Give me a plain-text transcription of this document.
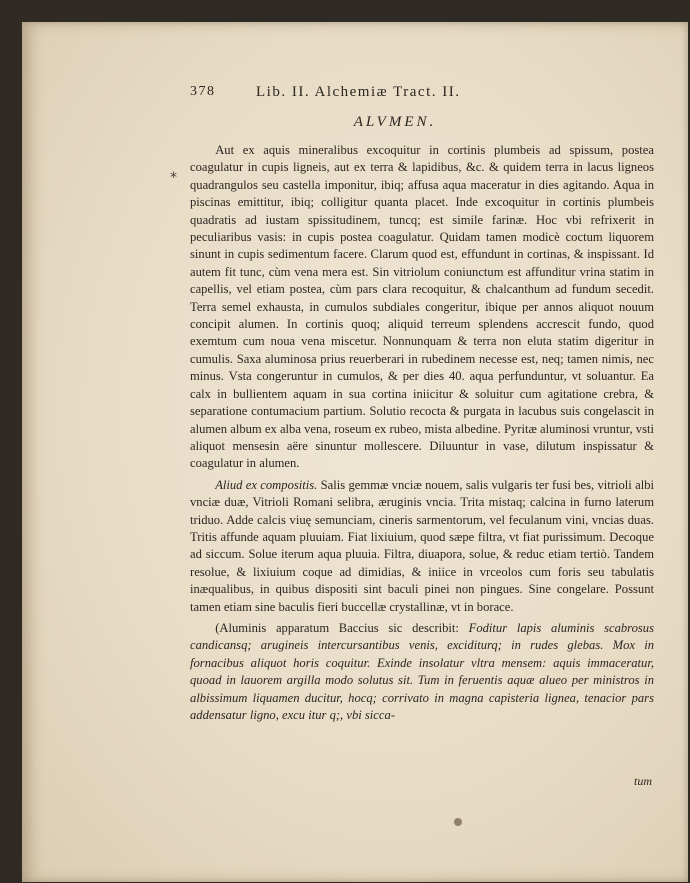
378	Lib. II. Alchemiæ Tract. II.
ALVMEN.
*

Aut ex aquis mineralibus excoquitur in cortinis plumbeis ad spissum, postea coagulatur in cupis ligneis, aut ex terra & lapidibus, &c. & quidem terra in lacus ligneos quadrangulos seu castella imponitur, ibiq; affusa aqua maceratur in dies agitando. Aqua in piscinas emittitur, ibiq; colligitur quanta placet. Inde excoquitur in cortinis plumbeis quadratis ad iustam spissitudinem, tuncq; est simile farinæ. Hoc vbi refrixerit in peculiaribus vasis: in cupis postea coagulatur. Quidam tamen modicè coctum liquorem sinunt in cupis sedimentum facere. Clarum quod est, effundunt in cortinas, & inspissant. Id autem fit tunc, cùm vena mera est. Sin vitriolum coniunctum est affunditur vrina statim in capellis, vel etiam postea, cùm pars clara recoquitur, & chalcanthum ad fundum secedit. Terra semel exhausta, in cumulos subdiales congeritur, ibique per annos aliquot nouum concipit alumen. In cortinis quoq; aliquid terreum splendens accrescit fundo, quod exemtum cum noua vena miscetur. Nonnunquam & terra non eluta statim digeritur in cumulis. Saxa aluminosa prius reuerberari in rubedinem necesse est, neq; tamen nimis, nec minus. Vsta congeruntur in cumulos, & per dies 40. aqua perfunduntur, vt soluantur. Ea calx in bullientem aquam in sua cortina iniicitur & soluitur cum agitatione crebra, & separatione contumacium partium. Solutio recocta & purgata in lacubus suis congelascit in alumen album ex alba vena, roseum ex rubeo, mista albedine. Pyritæ aluminosi vruntur, vsti aliquot mensesin aëre sinuntur mollescere. Diluuntur in vase, dilutum inspissatur & coagulatur in alumen.

Aliud ex compositis. Salis gemmæ vnciæ nouem, salis vulgaris ter fusi bes, vitrioli albi vnciæ duæ, Vitrioli Romani selibra, æruginis vncia. Trita mistaq; calcina in furno laterum triduo. Adde calcis viuę semunciam, cineris sarmentorum, vel feculanum vini, vncias duas. Tritis affunde aquam pluuiam. Fiat lixiuium, quod sæpe filtra, vt fiat purissimum. Decoque ad siccum. Solue iterum aqua pluuia. Filtra, diuapora, solue, & reduc etiam tertiò. Tandem resolue, & lixiuium coque ad dimidias, & iniice in vrceolos cum foris seu tabulatis inæqualibus, in quibus dispositi sint baculi pinei non pingues. Sine congelare. Possunt tamen etiam sine baculis fieri buccellæ crystallinæ, vt in borace.

(Aluminis apparatum Baccius sic describit: Foditur lapis aluminis scabrosus candicansq; arugineis intercursantibus venis, exciditurq; in rudes glebas. Mox in fornacibus aliquot horis coquitur. Exinde insolatur vltra mensem: aquis immaceratur, quoad in lauorem argilla modo solutus sit. Tum in feruentis aquæ alueo per ministros in albissimum liquamen ducitur, hocq; corrivato in magna capisteria lignea, tenacior pars addensatur ligno, excu itur q;, vbi sicca-

tum
